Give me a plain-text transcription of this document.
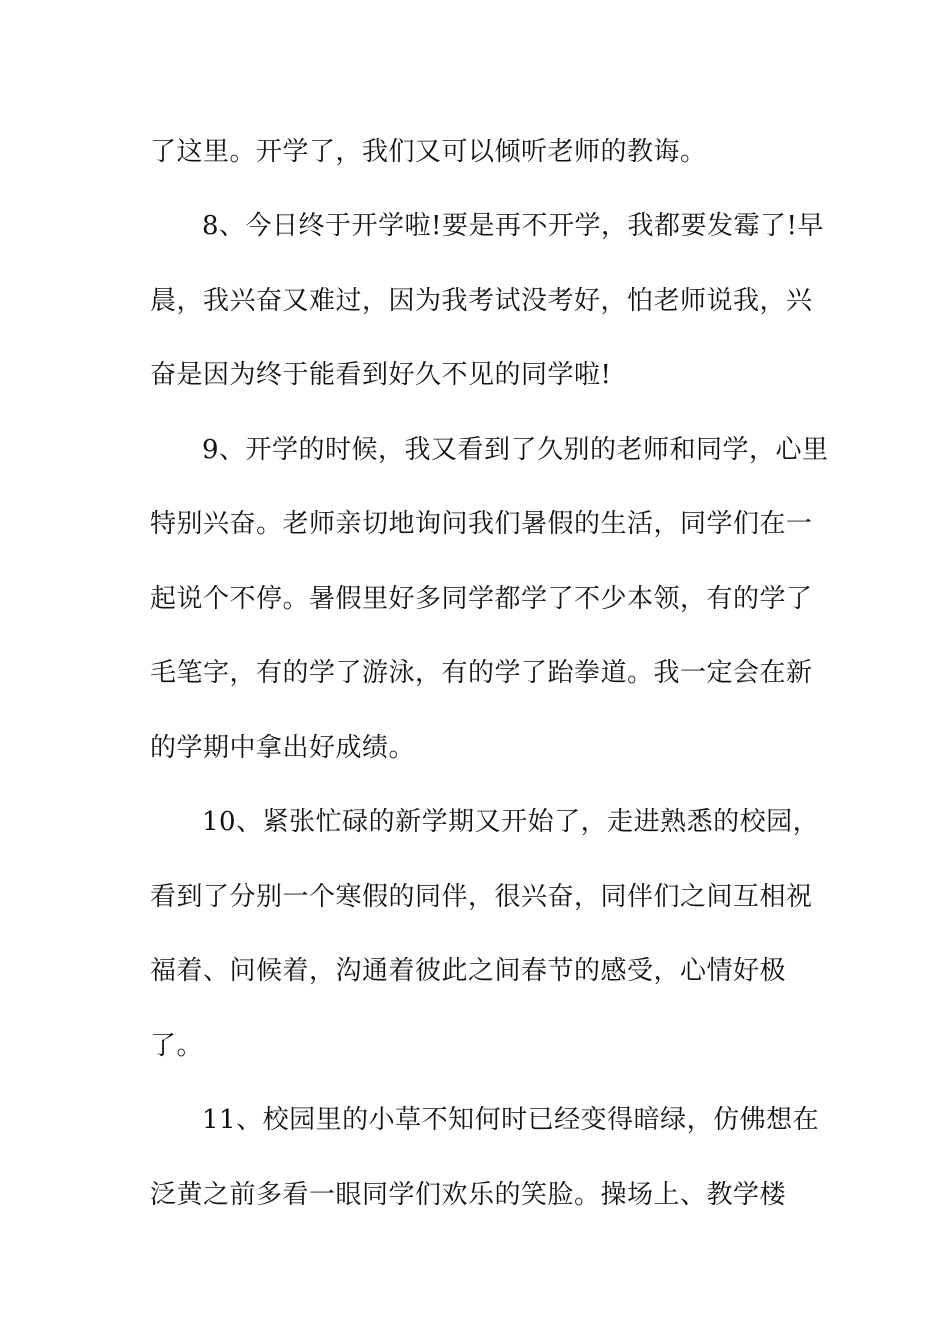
了这里。开学了，我们又可以倾听老师的教诲。
8、今日终于开学啦!要是再不开学，我都要发霉了!早
晨，我兴奋又难过，因为我考试没考好，怕老师说我，兴
奋是因为终于能看到好久不见的同学啦!
9、开学的时候，我又看到了久别的老师和同学，心里
特别兴奋。老师亲切地询问我们暑假的生活，同学们在一
起说个不停。暑假里好多同学都学了不少本领，有的学了
毛笔字，有的学了游泳，有的学了跆拳道。我一定会在新
的学期中拿出好成绩。
10、紧张忙碌的新学期又开始了，走进熟悉的校园，
看到了分别一个寒假的同伴，很兴奋，同伴们之间互相祝
福着、问候着，沟通着彼此之间春节的感受，心情好极
了。
11、校园里的小草不知何时已经变得暗绿，仿佛想在
泛黄之前多看一眼同学们欢乐的笑脸。操场上、教学楼
